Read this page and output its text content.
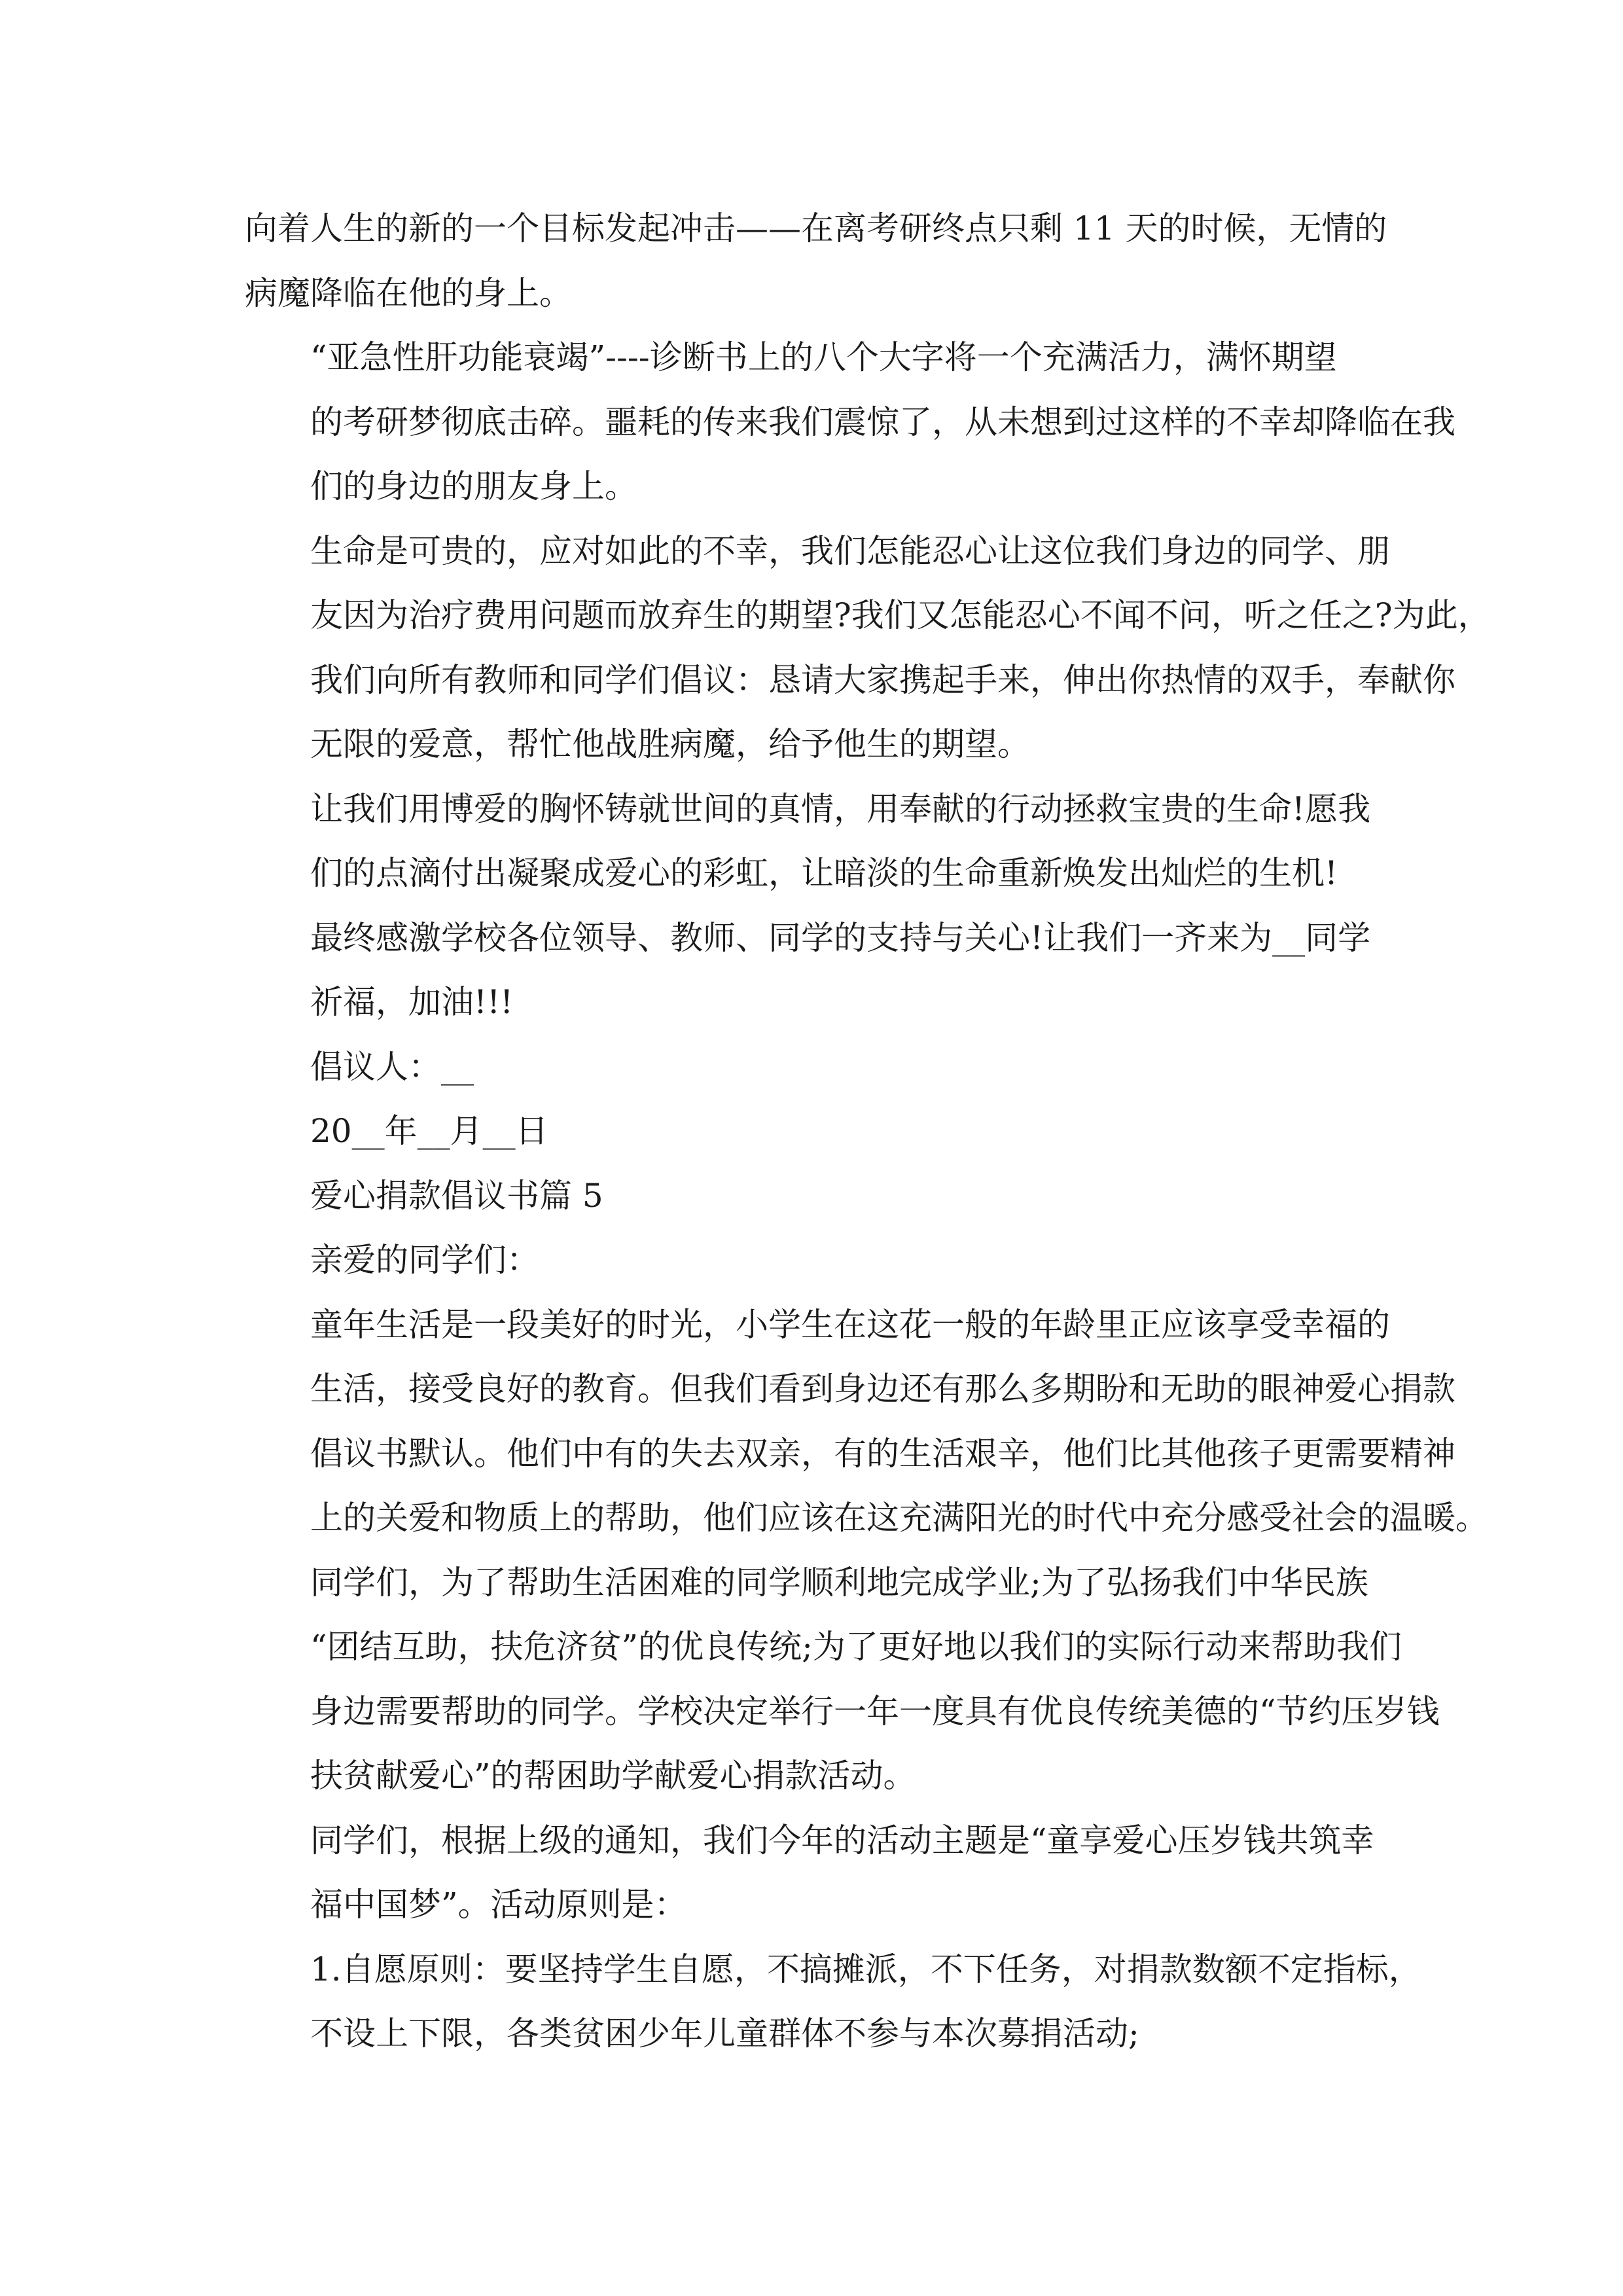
向着人生的新的一个目标发起冲击——在离考研终点只剩 11 天的时候，无情的
病魔降临在他的身上。
“亚急性肝功能衰竭”----诊断书上的八个大字将一个充满活力，满怀期望
的考研梦彻底击碎。噩耗的传来我们震惊了，从未想到过这样的不幸却降临在我
们的身边的朋友身上。
生命是可贵的，应对如此的不幸，我们怎能忍心让这位我们身边的同学、朋
友因为治疗费用问题而放弃生的期望?我们又怎能忍心不闻不问，听之任之?为此，
我们向所有教师和同学们倡议：恳请大家携起手来，伸出你热情的双手，奉献你
无限的爱意，帮忙他战胜病魔，给予他生的期望。
让我们用博爱的胸怀铸就世间的真情，用奉献的行动拯救宝贵的生命!愿我
们的点滴付出凝聚成爱心的彩虹，让暗淡的生命重新焕发出灿烂的生机!
最终感激学校各位领导、教师、同学的支持与关心!让我们一齐来为__同学
祈福，加油!!!
倡议人：__
20__年__月__日
爱心捐款倡议书篇 5
亲爱的同学们：
童年生活是一段美好的时光，小学生在这花一般的年龄里正应该享受幸福的
生活，接受良好的教育。但我们看到身边还有那么多期盼和无助的眼神爱心捐款
倡议书默认。他们中有的失去双亲，有的生活艰辛，他们比其他孩子更需要精神
上的关爱和物质上的帮助，他们应该在这充满阳光的时代中充分感受社会的温暖。
同学们，为了帮助生活困难的同学顺利地完成学业;为了弘扬我们中华民族
“团结互助，扶危济贫”的优良传统;为了更好地以我们的实际行动来帮助我们
身边需要帮助的同学。学校决定举行一年一度具有优良传统美德的“节约压岁钱
扶贫献爱心”的帮困助学献爱心捐款活动。
同学们，根据上级的通知，我们今年的活动主题是“童享爱心压岁钱共筑幸
福中国梦”。活动原则是：
1.自愿原则：要坚持学生自愿，不搞摊派，不下任务，对捐款数额不定指标，
不设上下限，各类贫困少年儿童群体不参与本次募捐活动;
